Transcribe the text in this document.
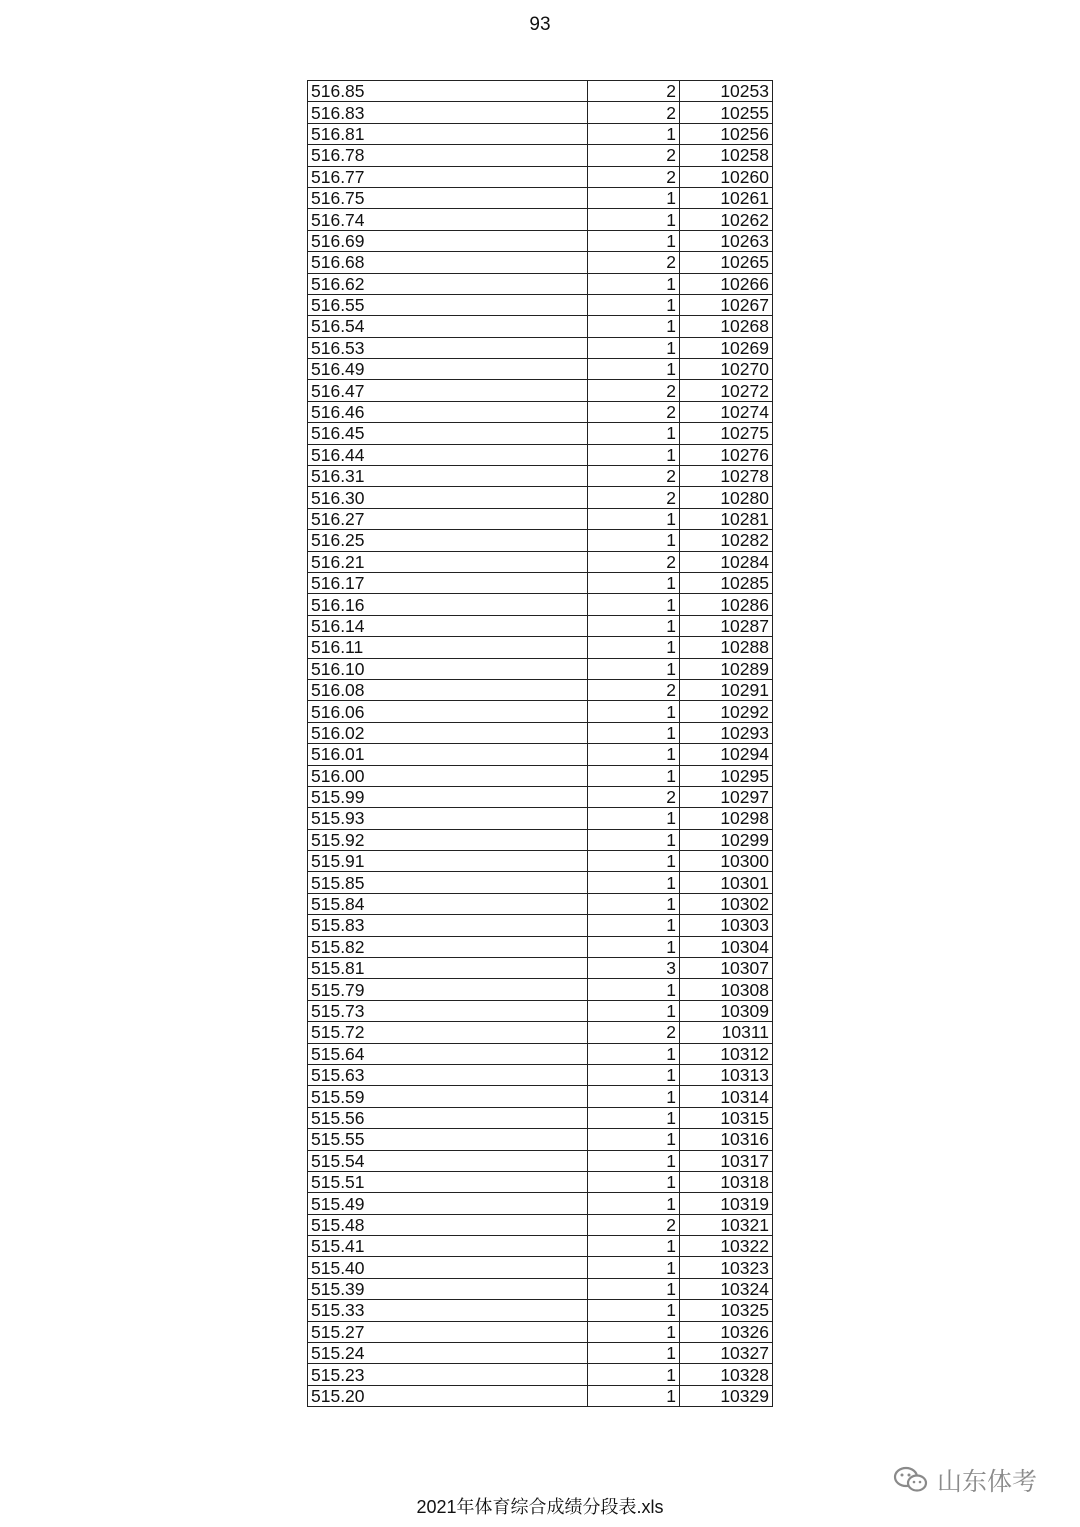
93
516.85	2	10253
516.83	2	10255
516.81	1	10256
516.78	2	10258
516.77	2	10260
516.75	1	10261
516.74	1	10262
516.69	1	10263
516.68	2	10265
516.62	1	10266
516.55	1	10267
516.54	1	10268
516.53	1	10269
516.49	1	10270
516.47	2	10272
516.46	2	10274
516.45	1	10275
516.44	1	10276
516.31	2	10278
516.30	2	10280
516.27	1	10281
516.25	1	10282
516.21	2	10284
516.17	1	10285
516.16	1	10286
516.14	1	10287
516.11	1	10288
516.10	1	10289
516.08	2	10291
516.06	1	10292
516.02	1	10293
516.01	1	10294
516.00	1	10295
515.99	2	10297
515.93	1	10298
515.92	1	10299
515.91	1	10300
515.85	1	10301
515.84	1	10302
515.83	1	10303
515.82	1	10304
515.81	3	10307
515.79	1	10308
515.73	1	10309
515.72	2	10311
515.64	1	10312
515.63	1	10313
515.59	1	10314
515.56	1	10315
515.55	1	10316
515.54	1	10317
515.51	1	10318
515.49	1	10319
515.48	2	10321
515.41	1	10322
515.40	1	10323
515.39	1	10324
515.33	1	10325
515.27	1	10326
515.24	1	10327
515.23	1	10328
515.20	1	10329
山东体考
2021年体育综合成绩分段表.xls
